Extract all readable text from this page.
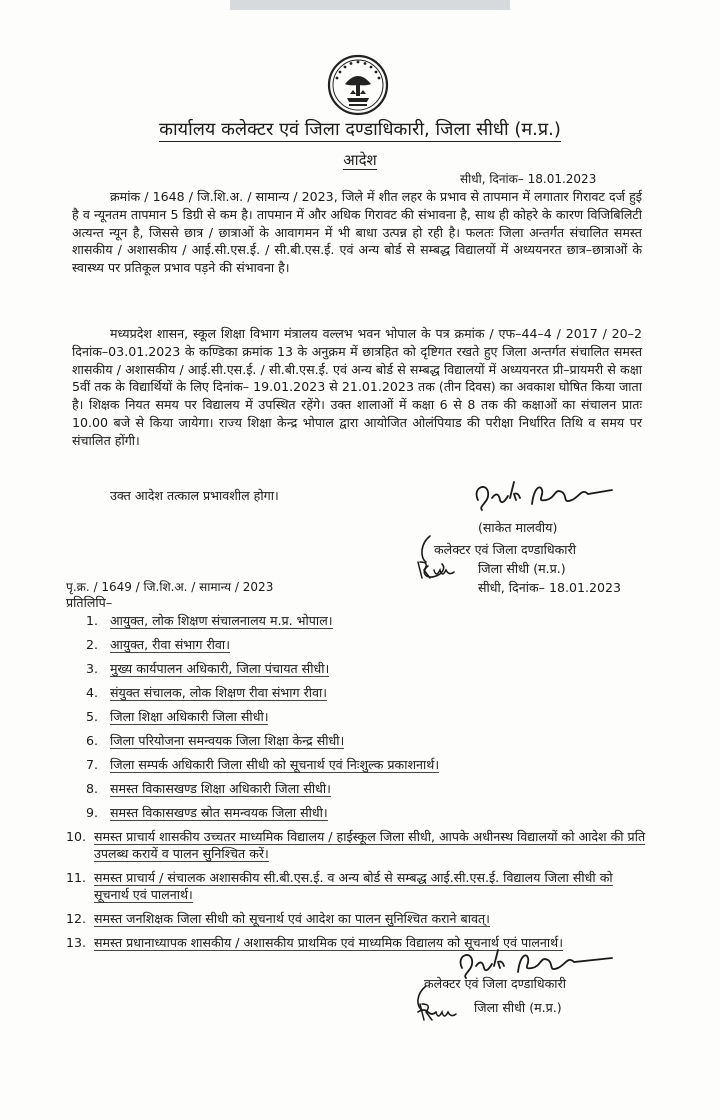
कार्यालय कलेक्टर एवं जिला दण्डाधिकारी, जिला सीधी (म.प्र.)
आदेश
सीधी, दिनांक– 18.01.2023
क्रमांक / 1648 / जि.शि.अ. / सामान्य / 2023, जिले में शीत लहर के प्रभाव से तापमान में लगातार गिरावट दर्ज हुई है व न्यूनतम तापमान 5 डिग्री से कम है। तापमान में और अधिक गिरावट की संभावना है, साथ ही कोहरे के कारण विजिबिलिटी अत्यन्त न्यून है, जिससे छात्र / छात्राओं के आवागमन में भी बाधा उत्पन्न हो रही है। फलतः जिला अन्तर्गत संचालित समस्त शासकीय / अशासकीय / आई.सी.एस.ई. / सी.बी.एस.ई. एवं अन्य बोर्ड से सम्बद्ध विद्यालयों में अध्ययनरत छात्र–छात्राओं के स्वास्थ्य पर प्रतिकूल प्रभाव पड़ने की संभावना है।
मध्यप्रदेश शासन, स्कूल शिक्षा विभाग मंत्रालय वल्लभ भवन भोपाल के पत्र क्रमांक / एफ–44–4 / 2017 / 20–2 दिनांक–03.01.2023 के कण्डिका क्रमांक 13 के अनुक्रम में छात्रहित को दृष्टिगत रखते हुए जिला अन्तर्गत संचालित समस्त शासकीय / अशासकीय / आई.सी.एस.ई. / सी.बी.एस.ई. एवं अन्य बोर्ड से सम्बद्ध विद्यालयों में अध्ययनरत प्री–प्रायमरी से कक्षा 5वीं तक के विद्यार्थियों के लिए दिनांक– 19.01.2023 से 21.01.2023 तक (तीन दिवस) का अवकाश घोषित किया जाता है। शिक्षक नियत समय पर विद्यालय में उपस्थित रहेंगे। उक्त शालाओं में कक्षा 6 से 8 तक की कक्षाओं का संचालन प्रातः 10.00 बजे से किया जायेगा। राज्य शिक्षा केन्द्र भोपाल द्वारा आयोजित ओलंपियाड की परीक्षा निर्धारित तिथि व समय पर संचालित होंगी।
उक्त आदेश तत्काल प्रभावशील होगा।
(साकेत मालवीय)
कलेक्टर एवं जिला दण्डाधिकारी
जिला सीधी (म.प्र.)
सीधी, दिनांक– 18.01.2023
पृ.क्र. / 1649 / जि.शि.अ. / सामान्य / 2023
प्रतिलिपि–
1. आयुक्त, लोक शिक्षण संचालनालय म.प्र. भोपाल।
2. आयुक्त, रीवा संभाग रीवा।
3. मुख्य कार्यपालन अधिकारी, जिला पंचायत सीधी।
4. संयुक्त संचालक, लोक शिक्षण रीवा संभाग रीवा।
5. जिला शिक्षा अधिकारी जिला सीधी।
6. जिला परियोजना समन्वयक जिला शिक्षा केन्द्र सीधी।
7. जिला सम्पर्क अधिकारी जिला सीधी को सूचनार्थ एवं निःशुल्क प्रकाशनार्थ।
8. समस्त विकासखण्ड शिक्षा अधिकारी जिला सीधी।
9. समस्त विकासखण्ड स्रोत समन्वयक जिला सीधी।
10. समस्त प्राचार्य शासकीय उच्चतर माध्यमिक विद्यालय / हाईस्कूल जिला सीधी, आपके अधीनस्थ विद्यालयों को आदेश की प्रति उपलब्ध करायें व पालन सुनिश्चित करें।
11. समस्त प्राचार्य / संचालक अशासकीय सी.बी.एस.ई. व अन्य बोर्ड से सम्बद्ध आई.सी.एस.ई. विद्यालय जिला सीधी को सूचनार्थ एवं पालनार्थ।
12. समस्त जनशिक्षक जिला सीधी को सूचनार्थ एवं आदेश का पालन सुनिश्चित कराने बावत्।
13. समस्त प्रधानाध्यापक शासकीय / अशासकीय प्राथमिक एवं माध्यमिक विद्यालय को सूचनार्थ एवं पालनार्थ।
कलेक्टर एवं जिला दण्डाधिकारी
जिला सीधी (म.प्र.)
